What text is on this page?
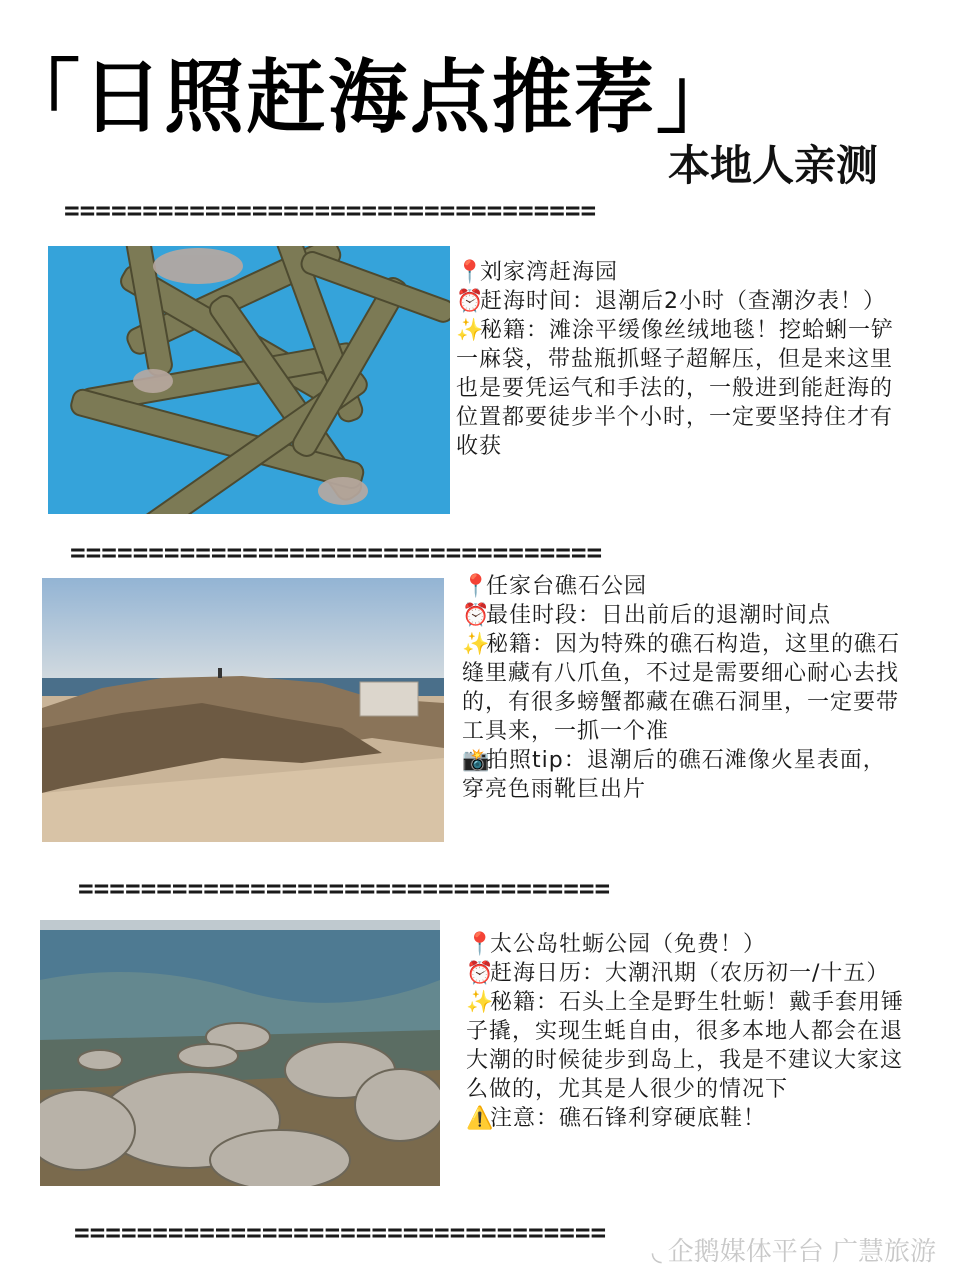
「日照赶海点推荐」
本地人亲测
==================================
📍刘家湾赶海园
⏰赶海时间：退潮后2小时（查潮汐表！）
✨秘籍：滩涂平缓像丝绒地毯！挖蛤蜊一铲一麻袋，带盐瓶抓蛏子超解压，但是来这里也是要凭运气和手法的，一般进到能赶海的位置都要徒步半个小时，一定要坚持住才有收获
==================================
📍任家台礁石公园
⏰最佳时段：日出前后的退潮时间点
✨秘籍：因为特殊的礁石构造，这里的礁石缝里藏有八爪鱼，不过是需要细心耐心去找的，有很多螃蟹都藏在礁石洞里，一定要带工具来，一抓一个准
📸拍照tip：退潮后的礁石滩像火星表面，穿亮色雨靴巨出片
==================================
📍太公岛牡蛎公园（免费！）
⏰赶海日历：大潮汛期（农历初一/十五）
✨秘籍：石头上全是野生牡蛎！戴手套用锤子撬，实现生蚝自由，很多本地人都会在退大潮的时候徒步到岛上，我是不建议大家这么做的，尤其是人很少的情况下
⚠️注意：礁石锋利穿硬底鞋！
==================================
◟ 企鹅媒体平台 广慧旅游
